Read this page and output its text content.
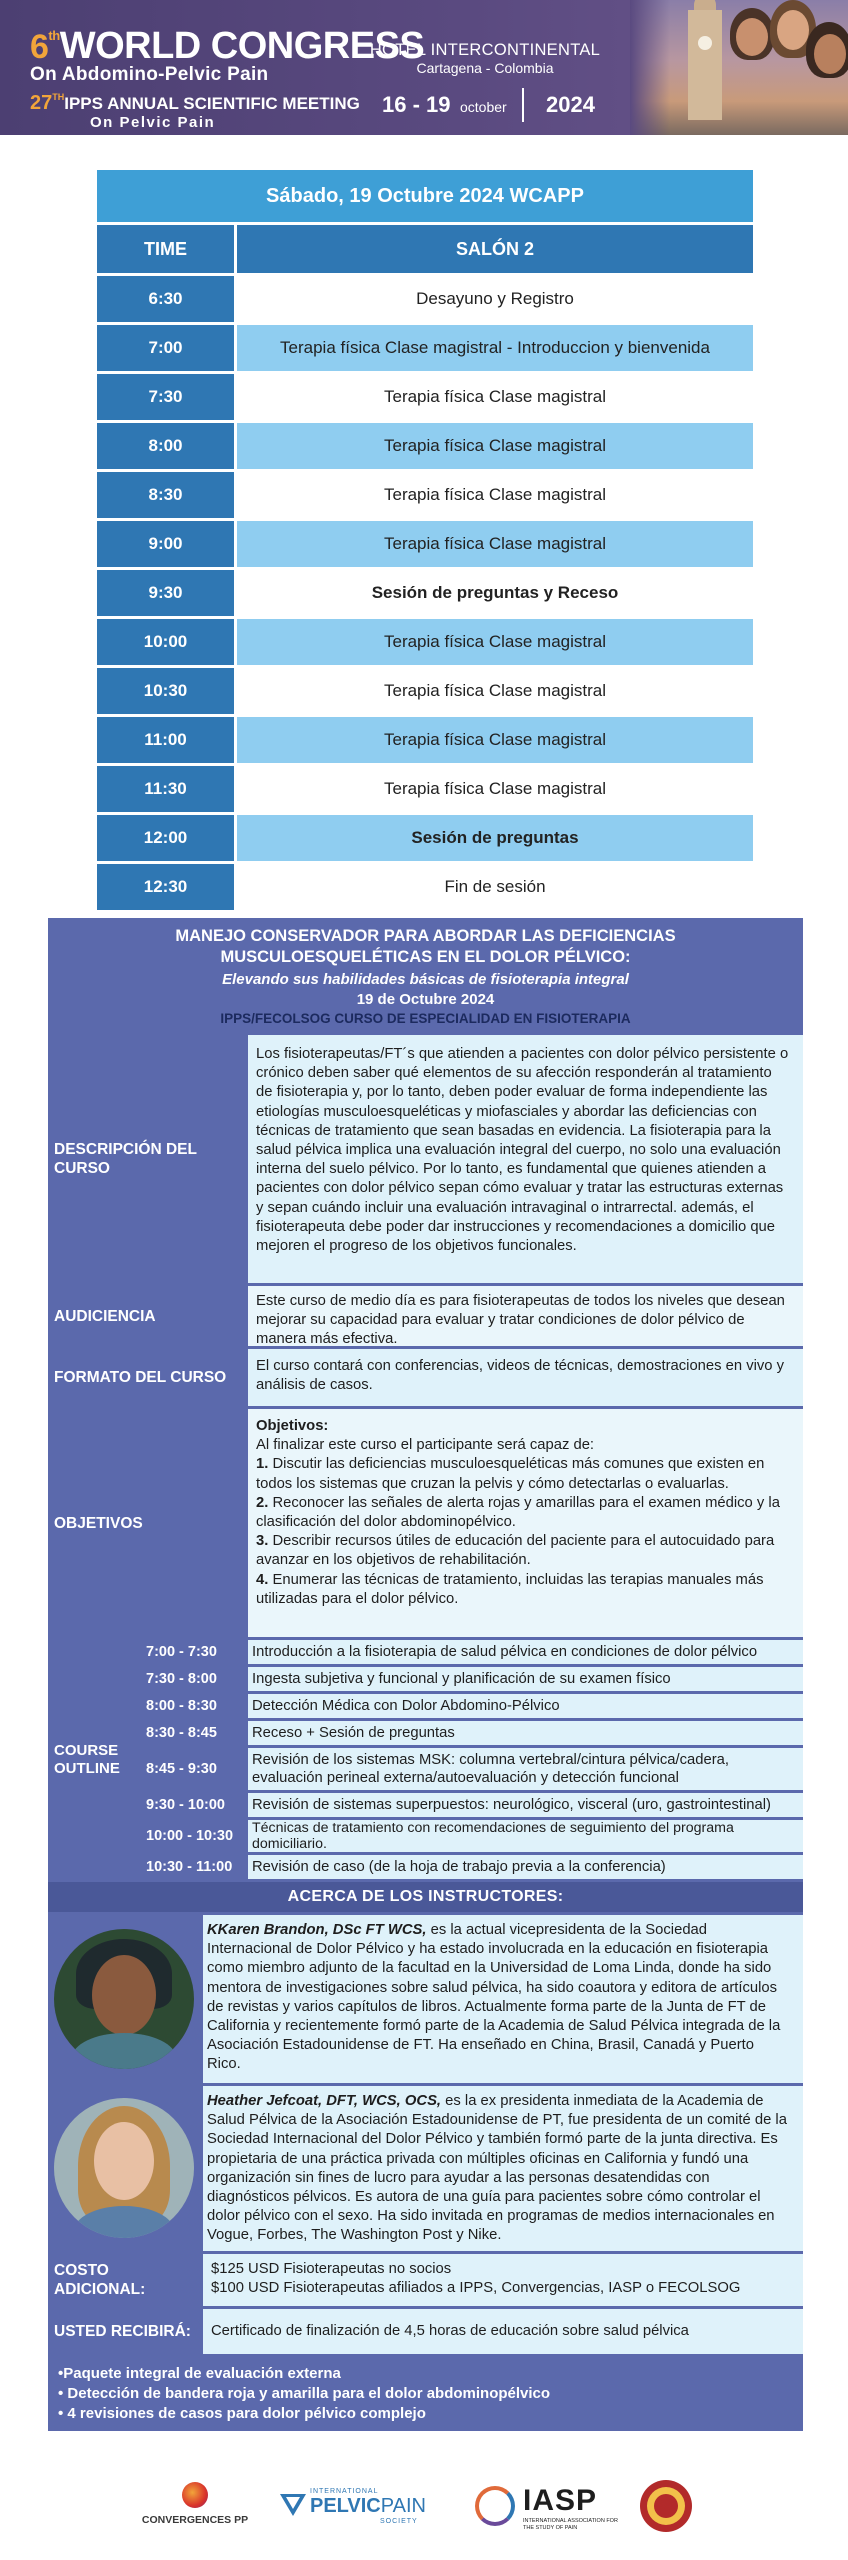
6thWORLD CONGRESS
On Abdomino-Pelvic Pain
27THIPPS ANNUAL SCIENTIFIC MEETING
On Pelvic Pain
HOTEL INTERCONTINENTAL
Cartagena - Colombia
16 - 19 october 2024
Sábado, 19 Octubre 2024 WCAPP
TIME	SALÓN 2
6:30	Desayuno y Registro
7:00	Terapia física Clase magistral - Introduccion y bienvenida
7:30	Terapia física Clase magistral
8:00	Terapia física Clase magistral
8:30	Terapia física Clase magistral
9:00	Terapia física Clase magistral
9:30	Sesión de preguntas y Receso
10:00	Terapia física Clase magistral
10:30	Terapia física Clase magistral
11:00	Terapia física Clase magistral
11:30	Terapia física Clase magistral
12:00	Sesión de preguntas
12:30	Fin de sesión
MANEJO CONSERVADOR PARA ABORDAR LAS DEFICIENCIAS
MUSCULOESQUELÉTICAS EN EL DOLOR PÉLVICO:
Elevando sus habilidades básicas de fisioterapia integral
19 de Octubre 2024
IPPS/FECOLSOG CURSO DE ESPECIALIDAD EN FISIOTERAPIA
DESCRIPCIÓN DEL CURSO
Los fisioterapeutas/FT´s que atienden a pacientes con dolor pélvico persistente o crónico deben saber qué elementos de su afección responderán al tratamiento de fisioterapia y, por lo tanto, deben poder evaluar de forma independiente las etiologías musculoesqueléticas y miofasciales y abordar las deficiencias con técnicas de tratamiento que sean basadas en evidencia. La fisioterapia para la salud pélvica implica una evaluación integral del cuerpo, no solo una evaluación interna del suelo pélvico. Por lo tanto, es fundamental que quienes atienden a pacientes con dolor pélvico sepan cómo evaluar y tratar las estructuras externas y sepan cuándo incluir una evaluación intravaginal o intrarrectal. además, el fisioterapeuta debe poder dar instrucciones y recomendaciones a domicilio que mejoren el progreso de los objetivos funcionales.
AUDICIENCIA
Este curso de medio día es para fisioterapeutas de todos los niveles que desean mejorar su capacidad para evaluar y tratar condiciones de dolor pélvico de manera más efectiva.
FORMATO DEL CURSO
El curso contará con conferencias, videos de técnicas, demostraciones en vivo y análisis de casos.
OBJETIVOS

Objetivos:

Al finalizar este curso el participante será capaz de:

1. Discutir las deficiencias musculoesqueléticas más comunes que existen en todos los sistemas que cruzan la pelvis y cómo detectarlas o evaluarlas.

2. Reconocer las señales de alerta rojas y amarillas para el examen médico y la clasificación del dolor abdominopélvico.

3. Describir recursos útiles de educación del paciente para el autocuidado para avanzar en los objetivos de rehabilitación.

4. Enumerar las técnicas de tratamiento, incluidas las terapias manuales más utilizadas para el dolor pélvico.

COURSE OUTLINE
7:00 - 7:30	Introducción a la fisioterapia de salud pélvica en condiciones de dolor pélvico
7:30 - 8:00	Ingesta subjetiva y funcional y planificación de su examen físico
8:00 - 8:30	Detección Médica con Dolor Abdomino-Pélvico
8:30 - 8:45	Receso + Sesión de preguntas
8:45 - 9:30
Revisión de los sistemas MSK: columna vertebral/cintura pélvica/cadera, evaluación perineal externa/autoevaluación y detección funcional
9:30 - 10:00	Revisión de sistemas superpuestos: neurológico, visceral (uro, gastrointestinal)
10:00 - 10:30	Técnicas de tratamiento con recomendaciones de seguimiento del programa domiciliario.
10:30 - 11:00	Revisión de caso (de la hoja de trabajo previa a la conferencia)
ACERCA DE LOS INSTRUCTORES:
KKaren Brandon, DSc FT WCS, es la actual vicepresidenta de la Sociedad Internacional de Dolor Pélvico y ha estado involucrada en la educación en fisioterapia como miembro adjunto de la facultad en la Universidad de Loma Linda, donde ha sido mentora de investigaciones sobre salud pélvica, ha sido coautora y editora de artículos de revistas y varios capítulos de libros. Actualmente forma parte de la Junta de FT de California y recientemente formó parte de la Academia de Salud Pélvica integrada de la Asociación Estadounidense de FT. Ha enseñado en China, Brasil, Canadá y Puerto Rico.
Heather Jefcoat, DFT, WCS, OCS, es la ex presidenta inmediata de la Academia de Salud Pélvica de la Asociación Estadounidense de PT, fue presidenta de un comité de la Sociedad Internacional del Dolor Pélvico y también formó parte de la junta directiva. Es propietaria de una práctica privada con múltiples oficinas en California y fundó una organización sin fines de lucro para ayudar a las personas desatendidas con diagnósticos pélvicos. Es autora de una guía para pacientes sobre cómo controlar el dolor pélvico con el sexo. Ha sido invitada en programas de medios internacionales en Vogue, Forbes, The Washington Post y Nike.
COSTO ADICIONAL:

$125 USD Fisioterapeutas no socios

$100 USD Fisioterapeutas afiliados a IPPS, Convergencias, IASP o FECOLSOG

USTED RECIBIRÁ:	Certificado de finalización de 4,5 horas de educación sobre salud pélvica
•Paquete integral de evaluación externa
• Detección de bandera roja y amarilla para el dolor abdominopélvico
• 4 revisiones de casos para dolor pélvico complejo
CONVERGENCES PP
INTERNATIONAL
PELVICPAIN
SOCIETY
IASP
INTERNATIONAL ASSOCIATION FOR THE STUDY OF PAIN
